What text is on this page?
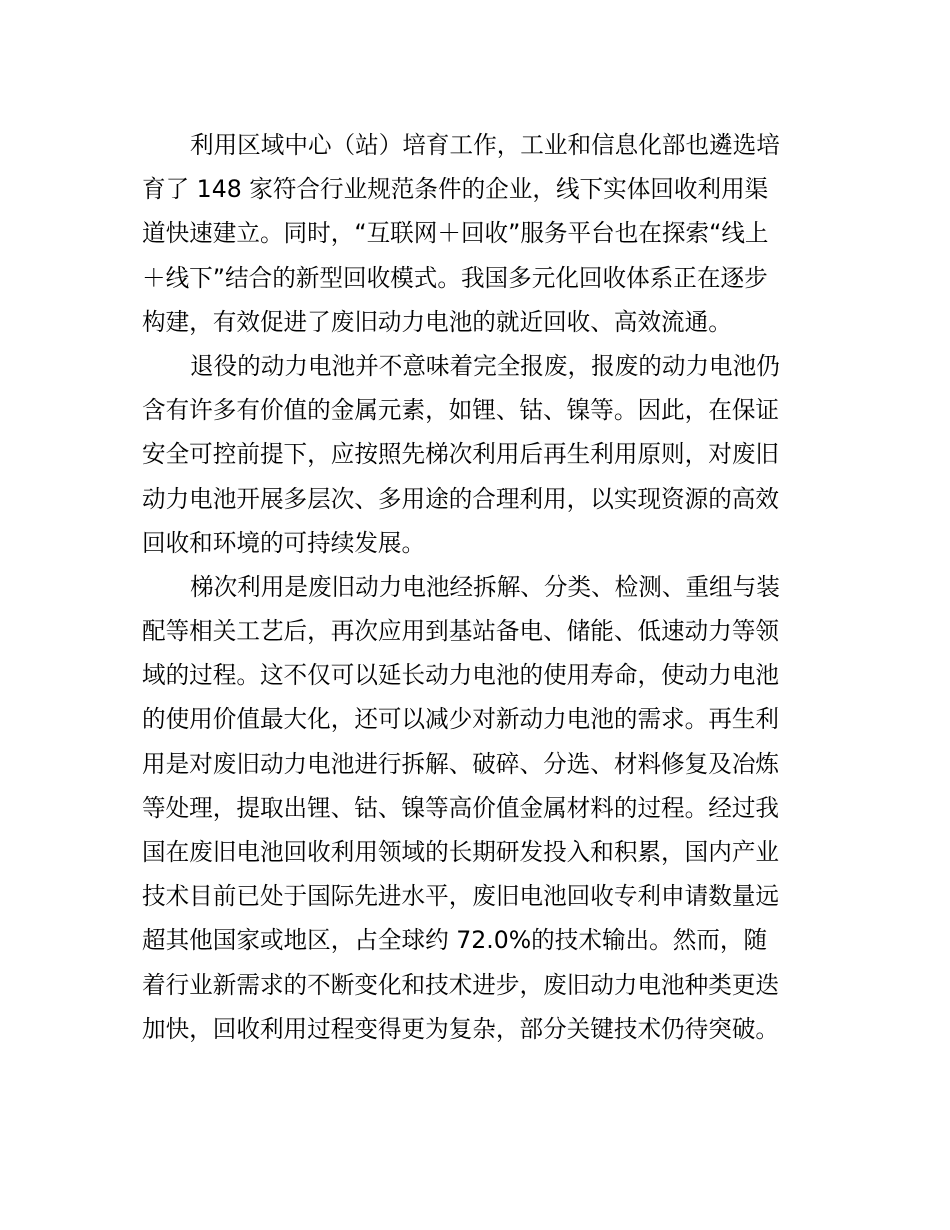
利用区域中心（站）培育工作，工业和信息化部也遴选培
育了 148 家符合行业规范条件的企业，线下实体回收利用渠
道快速建立。同时，“互联网＋回收”服务平台也在探索“线上
＋线下”结合的新型回收模式。我国多元化回收体系正在逐步
构建，有效促进了废旧动力电池的就近回收、高效流通。
退役的动力电池并不意味着完全报废，报废的动力电池仍
含有许多有价值的金属元素，如锂、钴、镍等。因此，在保证
安全可控前提下，应按照先梯次利用后再生利用原则，对废旧
动力电池开展多层次、多用途的合理利用，以实现资源的高效
回收和环境的可持续发展。
梯次利用是废旧动力电池经拆解、分类、检测、重组与装
配等相关工艺后，再次应用到基站备电、储能、低速动力等领
域的过程。这不仅可以延长动力电池的使用寿命，使动力电池
的使用价值最大化，还可以减少对新动力电池的需求。再生利
用是对废旧动力电池进行拆解、破碎、分选、材料修复及冶炼
等处理，提取出锂、钴、镍等高价值金属材料的过程。经过我
国在废旧电池回收利用领域的长期研发投入和积累，国内产业
技术目前已处于国际先进水平，废旧电池回收专利申请数量远
超其他国家或地区，占全球约 72.0%的技术输出。然而，随
着行业新需求的不断变化和技术进步，废旧动力电池种类更迭
加快，回收利用过程变得更为复杂，部分关键技术仍待突破。
